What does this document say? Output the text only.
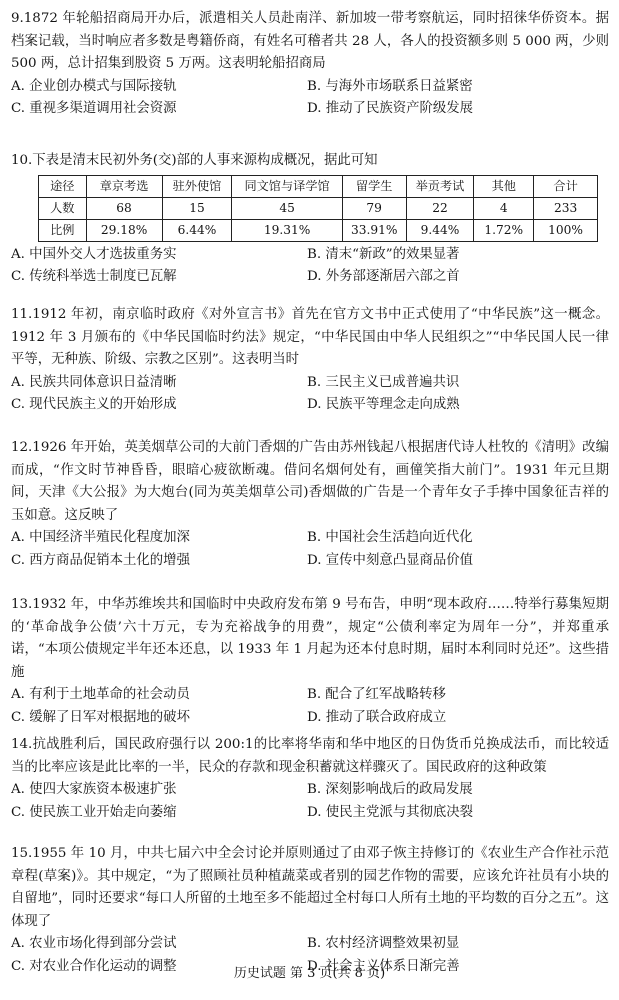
9.1872 年轮船招商局开办后，派遣相关人员赴南洋、新加坡一带考察航运，同时招徕华侨资本。据档案记载，当时响应者多数是粤籍侨商，有姓名可稽者共 28 人，各人的投资额多则 5 000 两，少则 500 两，总计招集到股资 5 万两。这表明轮船招商局
A. 企业创办模式与国际接轨	B. 与海外市场联系日益紧密
C. 重视多渠道调用社会资源	D. 推动了民族资产阶级发展
10.下表是清末民初外务(交)部的人事来源构成概况，据此可知
途径	章京考选	驻外使馆	同文馆与译学馆	留学生	举贡考试	其他	合计
人数	68	15	45	79	22	4	233
比例	29.18%	6.44%	19.31%	33.91%	9.44%	1.72%	100%
A. 中国外交人才选拔重务实	B. 清末“新政”的效果显著
C. 传统科举选士制度已瓦解	D. 外务部逐渐居六部之首
11.1912 年初，南京临时政府《对外宣言书》首先在官方文书中正式使用了“中华民族”这一概念。1912 年 3 月颁布的《中华民国临时约法》规定，“中华民国由中华人民组织之”“中华民国人民一律平等，无种族、阶级、宗教之区别”。这表明当时
A. 民族共同体意识日益清晰	B. 三民主义已成普遍共识
C. 现代民族主义的开始形成	D. 民族平等理念走向成熟
12.1926 年开始，英美烟草公司的大前门香烟的广告由苏州钱起八根据唐代诗人杜牧的《清明》改编而成，“作文时节神昏昏，眼暗心疲欲断魂。借问名烟何处有，画僮笑指大前门”。1931 年元旦期间，天津《大公报》为大炮台(同为英美烟草公司)香烟做的广告是一个青年女子手捧中国象征吉祥的玉如意。这反映了
A. 中国经济半殖民化程度加深	B. 中国社会生活趋向近代化
C. 西方商品促销本土化的增强	D. 宣传中刻意凸显商品价值
13.1932 年，中华苏维埃共和国临时中央政府发布第 9 号布告，申明“现本政府……特举行募集短期的‘革命战争公债’六十万元，专为充裕战争的用费”，规定“公债利率定为周年一分”，并郑重承诺，“本项公债规定半年还本还息，以 1933 年 1 月起为还本付息时期，届时本利同时兑还”。这些措施
A. 有利于土地革命的社会动员	B. 配合了红军战略转移
C. 缓解了日军对根据地的破坏	D. 推动了联合政府成立
14.抗战胜利后，国民政府强行以 200:1的比率将华南和华中地区的日伪货币兑换成法币，而比较适当的比率应该是此比率的一半，民众的存款和现金积蓄就这样骤灭了。国民政府的这种政策
A. 使四大家族资本极速扩张	B. 深刻影响战后的政局发展
C. 使民族工业开始走向萎缩	D. 使民主党派与其彻底决裂
15.1955 年 10 月，中共七届六中全会讨论并原则通过了由邓子恢主持修订的《农业生产合作社示范章程(草案)》。其中规定，“为了照顾社员种植蔬菜或者别的园艺作物的需要，应该允许社员有小块的自留地”，同时还要求“每口人所留的土地至多不能超过全村每口人所有土地的平均数的百分之五”。这体现了
A. 农业市场化得到部分尝试	B. 农村经济调整效果初显
C. 对农业合作化运动的调整	D. 社会主义体系日渐完善
历史试题 第 3 页(共 8 页)
